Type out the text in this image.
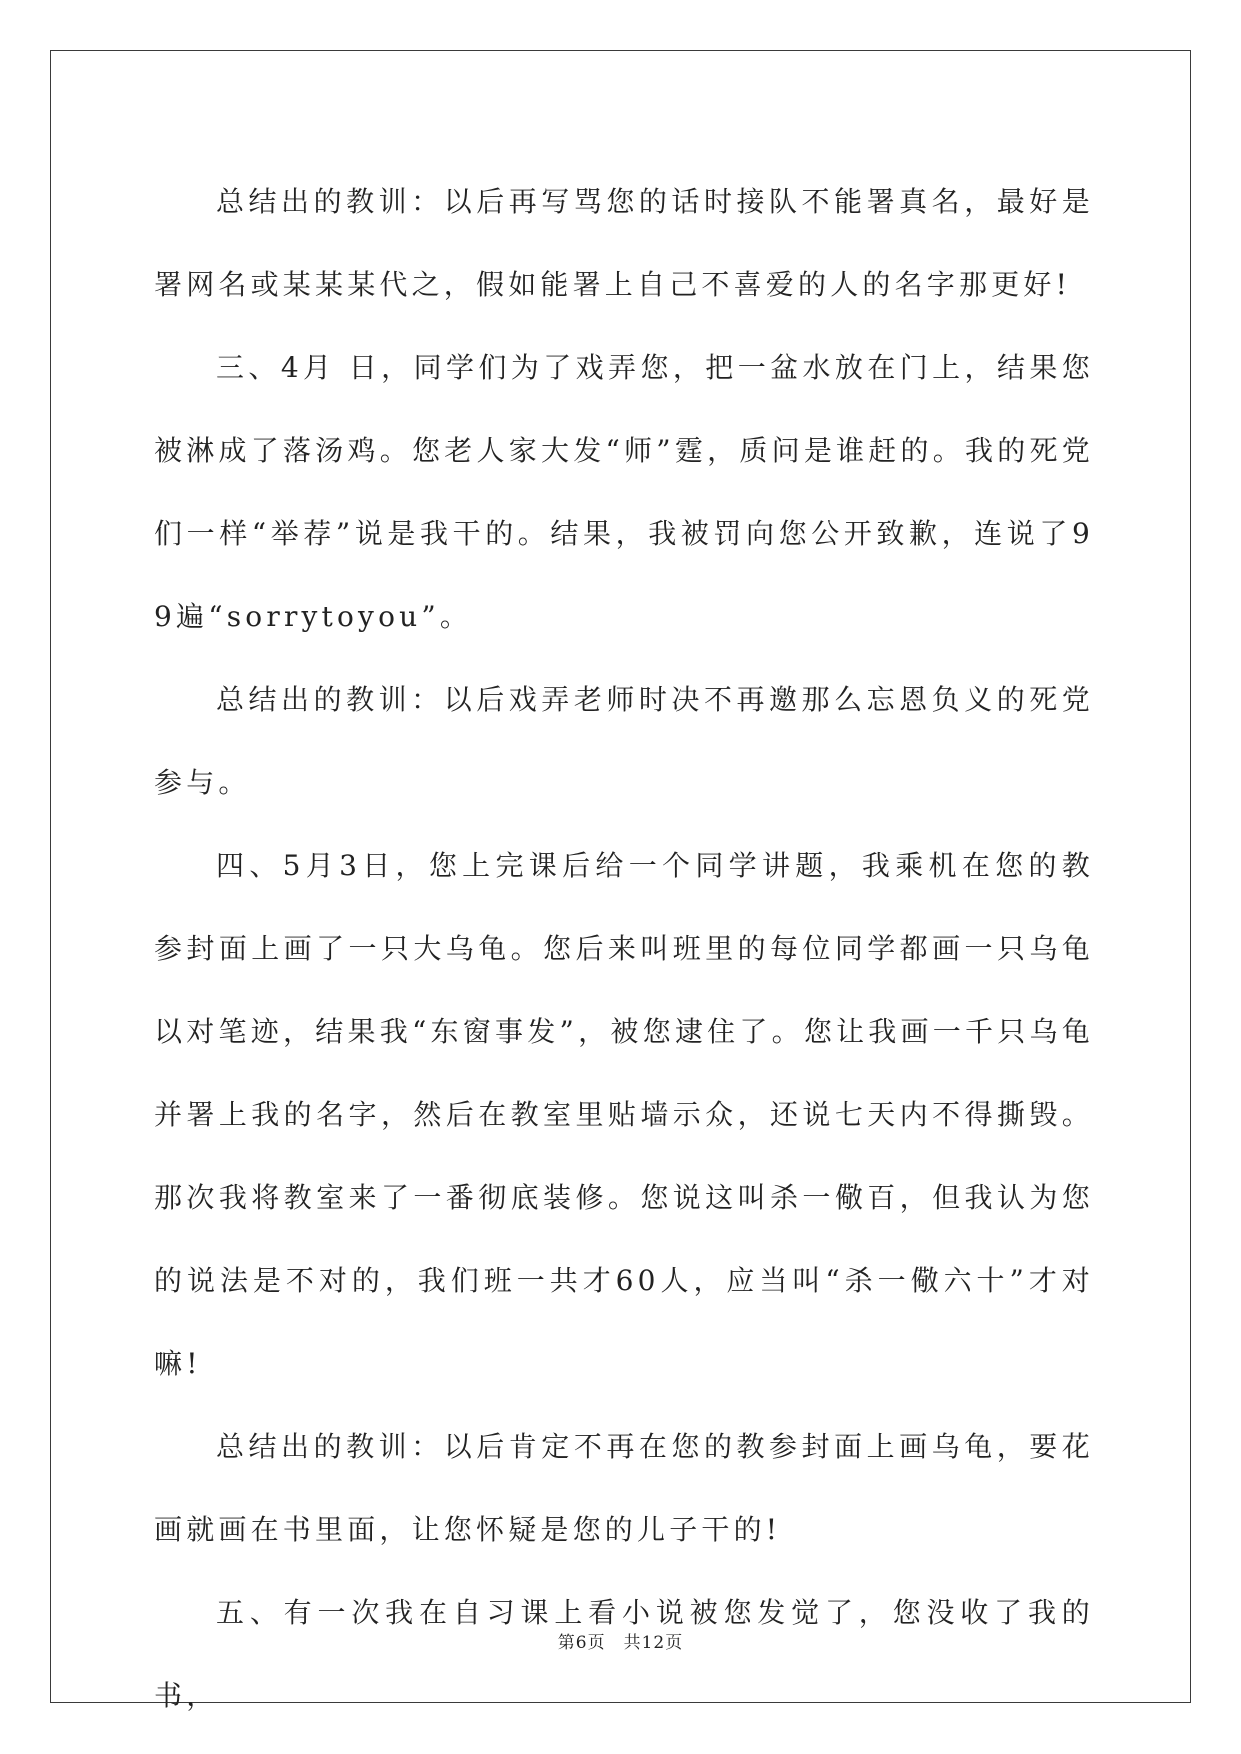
总结出的教训：以后再写骂您的话时接队不能署真名，最好是署网名或某某某代之，假如能署上自己不喜爱的人的名字那更好!

三、4月 日，同学们为了戏弄您，把一盆水放在门上，结果您被淋成了落汤鸡。您老人家大发“师”霆，质问是谁赶的。我的死党们一样“举荐”说是我干的。结果，我被罚向您公开致歉，连说了99遍“sorrytoyou”。

总结出的教训：以后戏弄老师时决不再邀那么忘恩负义的死党参与。

四、5月3日，您上完课后给一个同学讲题，我乘机在您的教参封面上画了一只大乌龟。您后来叫班里的每位同学都画一只乌龟以对笔迹，结果我“东窗事发”，被您逮住了。您让我画一千只乌龟并署上我的名字，然后在教室里贴墙示众，还说七天内不得撕毁。那次我将教室来了一番彻底装修。您说这叫杀一儆百，但我认为您的说法是不对的，我们班一共才60人，应当叫“杀一儆六十”才对嘛!

总结出的教训：以后肯定不再在您的教参封面上画乌龟，要花画就画在书里面，让您怀疑是您的儿子干的!

五、有一次我在自习课上看小说被您发觉了，您没收了我的书，

第6页 共12页
